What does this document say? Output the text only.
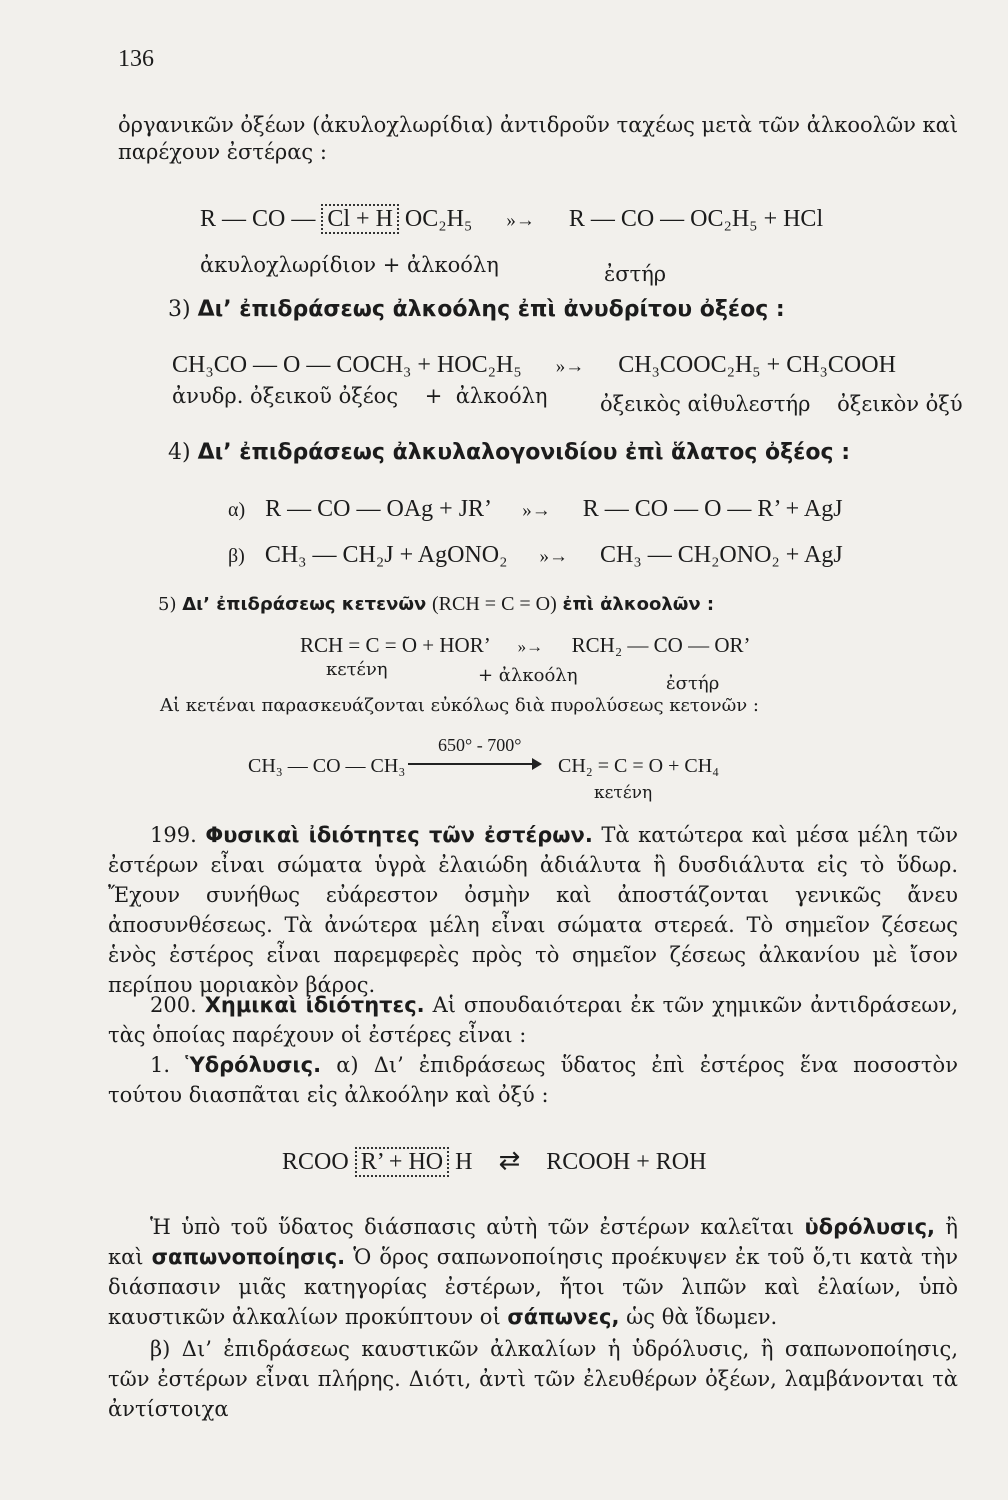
136
ὀργανικῶν ὀξέων (ἀκυλοχλωρίδια) ἀντιδροῦν ταχέως μετὰ τῶν ἀλκοολῶν καὶ
παρέχουν ἐστέρας :
R — CO — Cl + H OC₂H₅ »→ R — CO — OC₂H₅ + HCl
ἀκυλοχλωρίδιον + ἀλκοόλη	ἐστήρ
3) Δι’ ἐπιδράσεως ἀλκοόλης ἐπὶ ἀνυδρίτου ὀξέος :
CH₃CO — O — COCH₃ + HOC₂H₅ »→ CH₃COOC₂H₅ + CH₃COOH
ἀνυδρ. ὀξεικοῦ ὀξέος    +  ἀλκοόλη ὀξεικὸς αἰθυλεστήρ    ὀξεικὸν ὀξύ
4) Δι’ ἐπιδράσεως ἀλκυλαλογονιδίου ἐπὶ ἅλατος ὀξέος :
α) R — CO — OAg + JR’ »→ R — CO — O — R’ + AgJ
β) CH₃ — CH₂J + AgONO₂ »→ CH₃ — CH₂ONO₂ + AgJ
5) Δι’ ἐπιδράσεως κετενῶν (RCH = C = O) ἐπὶ ἀλκοολῶν :
RCH = C = O + HOR’ »→ RCH₂ — CO — OR’
κετένη	+ ἀλκοόλη	ἐστήρ
Αἱ κετέναι παρασκευάζονται εὐκόλως διὰ πυρολύσεως κετονῶν :
CH₃ — CO — CH₃
650° - 700°
CH₂ = C = O + CH₄
κετένη
199. Φυσικαὶ ἰδιότητες τῶν ἐστέρων. Τὰ κατώτερα καὶ μέσα μέλη τῶν ἐστέρων εἶναι σώματα ὑγρὰ ἐλαιώδη ἀδιάλυτα ἢ δυσδιάλυτα εἰς τὸ ὕδωρ. Ἔχουν συνήθως εὐάρεστον ὀσμὴν καὶ ἀποστάζονται γενικῶς ἄνευ ἀποσυνθέσεως. Τὰ ἀνώτερα μέλη εἶναι σώματα στερεά. Τὸ σημεῖον ζέσεως ἑνὸς ἐστέρος εἶναι παρεμφερὲς πρὸς τὸ σημεῖον ζέσεως ἀλκανίου μὲ ἴσον περίπου μοριακὸν βάρος.
200. Χημικαὶ ἰδιότητες. Αἱ σπουδαιότεραι ἐκ τῶν χημικῶν ἀντιδράσεων, τὰς ὁποίας παρέχουν οἱ ἐστέρες εἶναι :
1. Ὑδρόλυσις. α) Δι’ ἐπιδράσεως ὕδατος ἐπὶ ἐστέρος ἕνα ποσοστὸν τούτου διασπᾶται εἰς ἀλκοόλην καὶ ὀξύ :
RCOO R’ + HO H ⇄ RCOOH + ROH
Ἡ ὑπὸ τοῦ ὕδατος διάσπασις αὐτὴ τῶν ἐστέρων καλεῖται ὑδρόλυσις, ἢ καὶ σαπωνοποίησις. Ὁ ὅρος σαπωνοποίησις προέκυψεν ἐκ τοῦ ὅ,τι κατὰ τὴν διάσπασιν μιᾶς κατηγορίας ἐστέρων, ἤτοι τῶν λιπῶν καὶ ἐλαίων, ὑπὸ καυστικῶν ἀλκαλίων προκύπτουν οἱ σάπωνες, ὡς θὰ ἴδωμεν.
β) Δι’ ἐπιδράσεως καυστικῶν ἀλκαλίων ἡ ὑδρόλυσις, ἢ σαπωνοποίησις, τῶν ἐστέρων εἶναι πλήρης. Διότι, ἀντὶ τῶν ἐλευθέρων ὀξέων, λαμβάνονται τὰ ἀντίστοιχα
